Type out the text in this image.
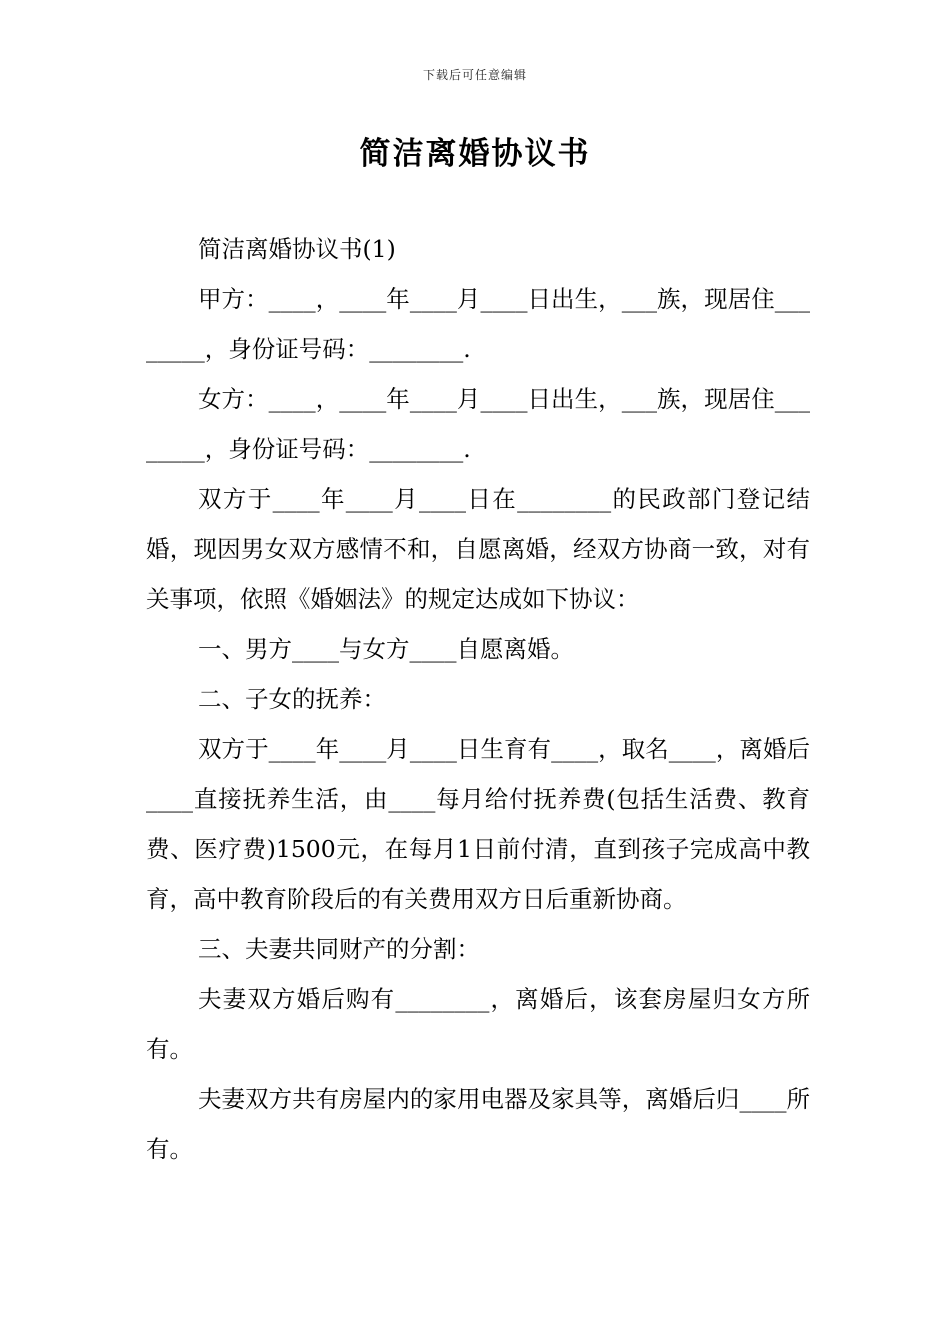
下载后可任意编辑
简洁离婚协议书

简洁离婚协议书(1)

甲方：____，____年____月____日出生，___族，现居住________，身份证号码：________.

女方：____，____年____月____日出生，___族，现居住________，身份证号码：________.

双方于____年____月____日在________的民政部门登记结婚，现因男女双方感情不和，自愿离婚，经双方协商一致，对有关事项，依照《婚姻法》的规定达成如下协议：

一、男方____与女方____自愿离婚。

二、子女的抚养：

双方于____年____月____日生育有____，取名____，离婚后____直接抚养生活，由____每月给付抚养费(包括生活费、教育费、医疗费)1500元，在每月1日前付清，直到孩子完成高中教育，高中教育阶段后的有关费用双方日后重新协商。

三、夫妻共同财产的分割：

夫妻双方婚后购有________，离婚后，该套房屋归女方所有。

夫妻双方共有房屋内的家用电器及家具等，离婚后归____所有。
